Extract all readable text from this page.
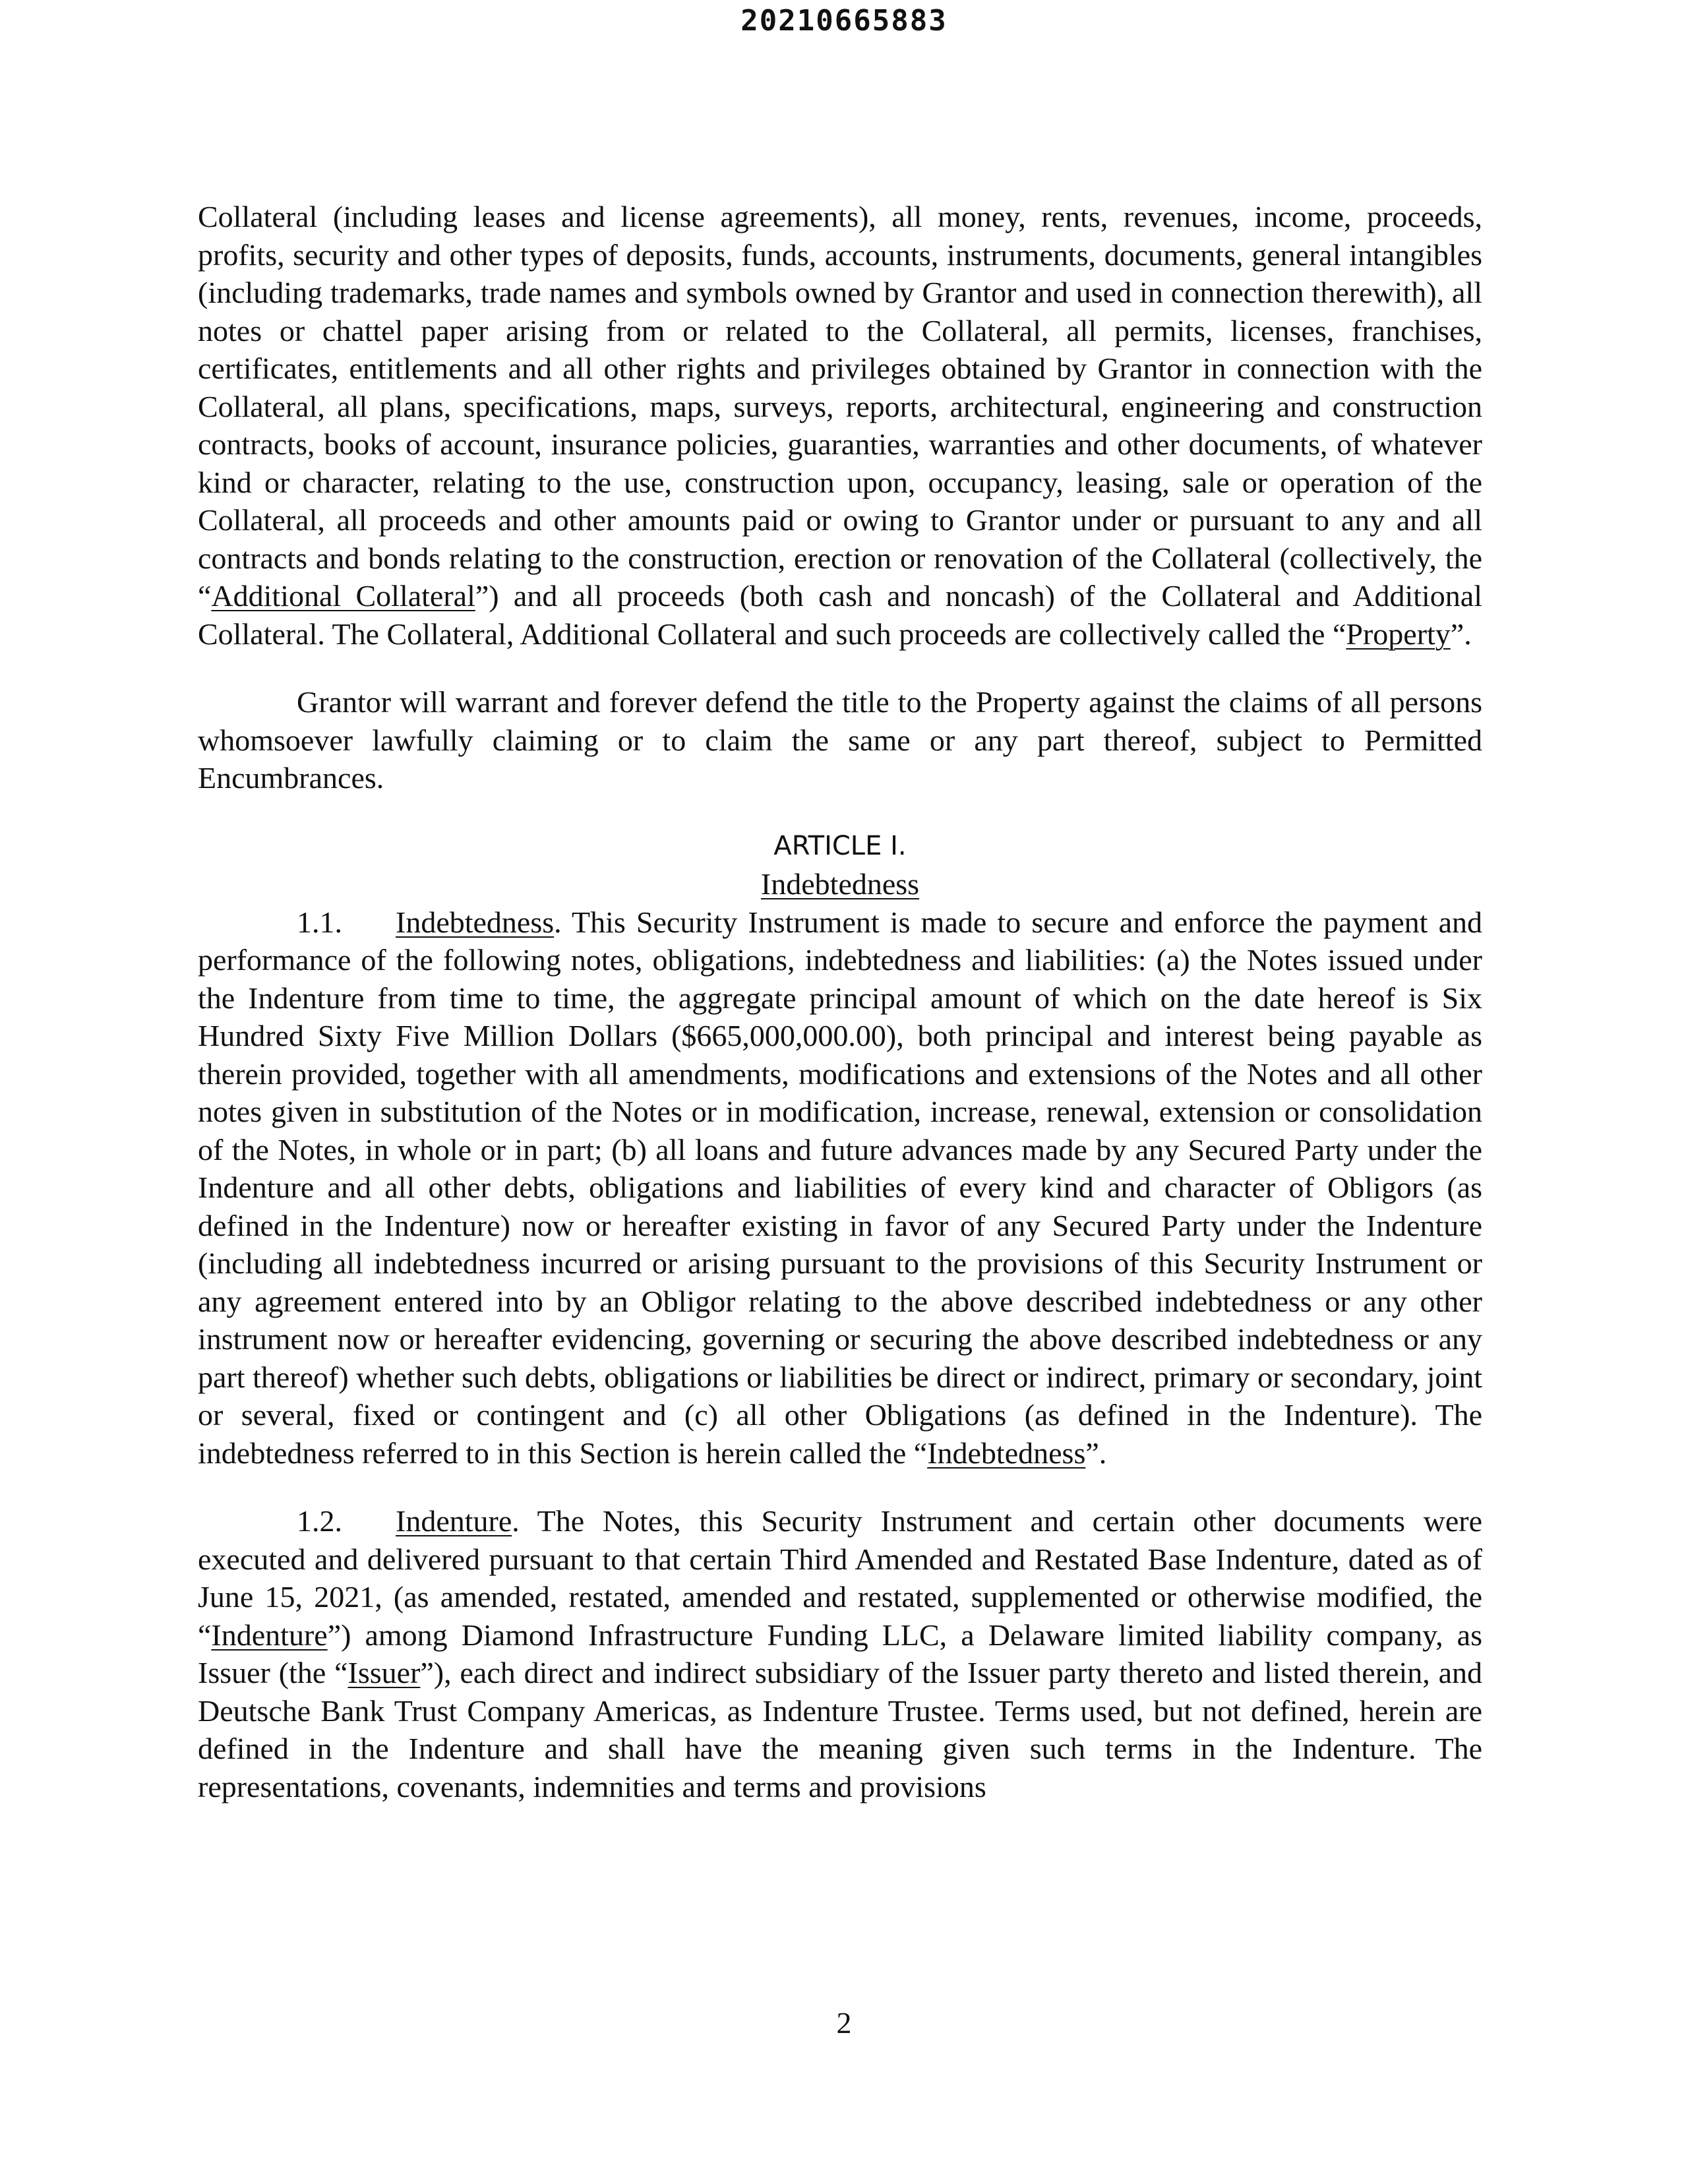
20210665883

Collateral (including leases and license agreements), all money, rents, revenues, income, proceeds, profits, security and other types of deposits, funds, accounts, instruments, documents, general intangibles (including trademarks, trade names and symbols owned by Grantor and used in connection therewith), all notes or chattel paper arising from or related to the Collateral, all permits, licenses, franchises, certificates, entitlements and all other rights and privileges obtained by Grantor in connection with the Collateral, all plans, specifications, maps, surveys, reports, architectural, engineering and construction contracts, books of account, insurance policies, guaranties, warranties and other documents, of whatever kind or character, relating to the use, construction upon, occupancy, leasing, sale or operation of the Collateral, all proceeds and other amounts paid or owing to Grantor under or pursuant to any and all contracts and bonds relating to the construction, erection or renovation of the Collateral (collectively, the “Additional Collateral”) and all proceeds (both cash and noncash) of the Collateral and Additional Collateral. The Collateral, Additional Collateral and such proceeds are collectively called the “Property”.

Grantor will warrant and forever defend the title to the Property against the claims of all persons whomsoever lawfully claiming or to claim the same or any part thereof, subject to Permitted Encumbrances.

ARTICLE I.

Indebtedness

1.1. Indebtedness. This Security Instrument is made to secure and enforce the payment and performance of the following notes, obligations, indebtedness and liabilities: (a) the Notes issued under the Indenture from time to time, the aggregate principal amount of which on the date hereof is Six Hundred Sixty Five Million Dollars ($665,000,000.00), both principal and interest being payable as therein provided, together with all amendments, modifications and extensions of the Notes and all other notes given in substitution of the Notes or in modification, increase, renewal, extension or consolidation of the Notes, in whole or in part; (b) all loans and future advances made by any Secured Party under the Indenture and all other debts, obligations and liabilities of every kind and character of Obligors (as defined in the Indenture) now or hereafter existing in favor of any Secured Party under the Indenture (including all indebtedness incurred or arising pursuant to the provisions of this Security Instrument or any agreement entered into by an Obligor relating to the above described indebtedness or any other instrument now or hereafter evidencing, governing or securing the above described indebtedness or any part thereof) whether such debts, obligations or liabilities be direct or indirect, primary or secondary, joint or several, fixed or contingent and (c) all other Obligations (as defined in the Indenture). The indebtedness referred to in this Section is herein called the “Indebtedness”.

1.2. Indenture. The Notes, this Security Instrument and certain other documents were executed and delivered pursuant to that certain Third Amended and Restated Base Indenture, dated as of June 15, 2021, (as amended, restated, amended and restated, supplemented or otherwise modified, the “Indenture”) among Diamond Infrastructure Funding LLC, a Delaware limited liability company, as Issuer (the “Issuer”), each direct and indirect subsidiary of the Issuer party thereto and listed therein, and Deutsche Bank Trust Company Americas, as Indenture Trustee. Terms used, but not defined, herein are defined in the Indenture and shall have the meaning given such terms in the Indenture. The representations, covenants, indemnities and terms and provisions

2
